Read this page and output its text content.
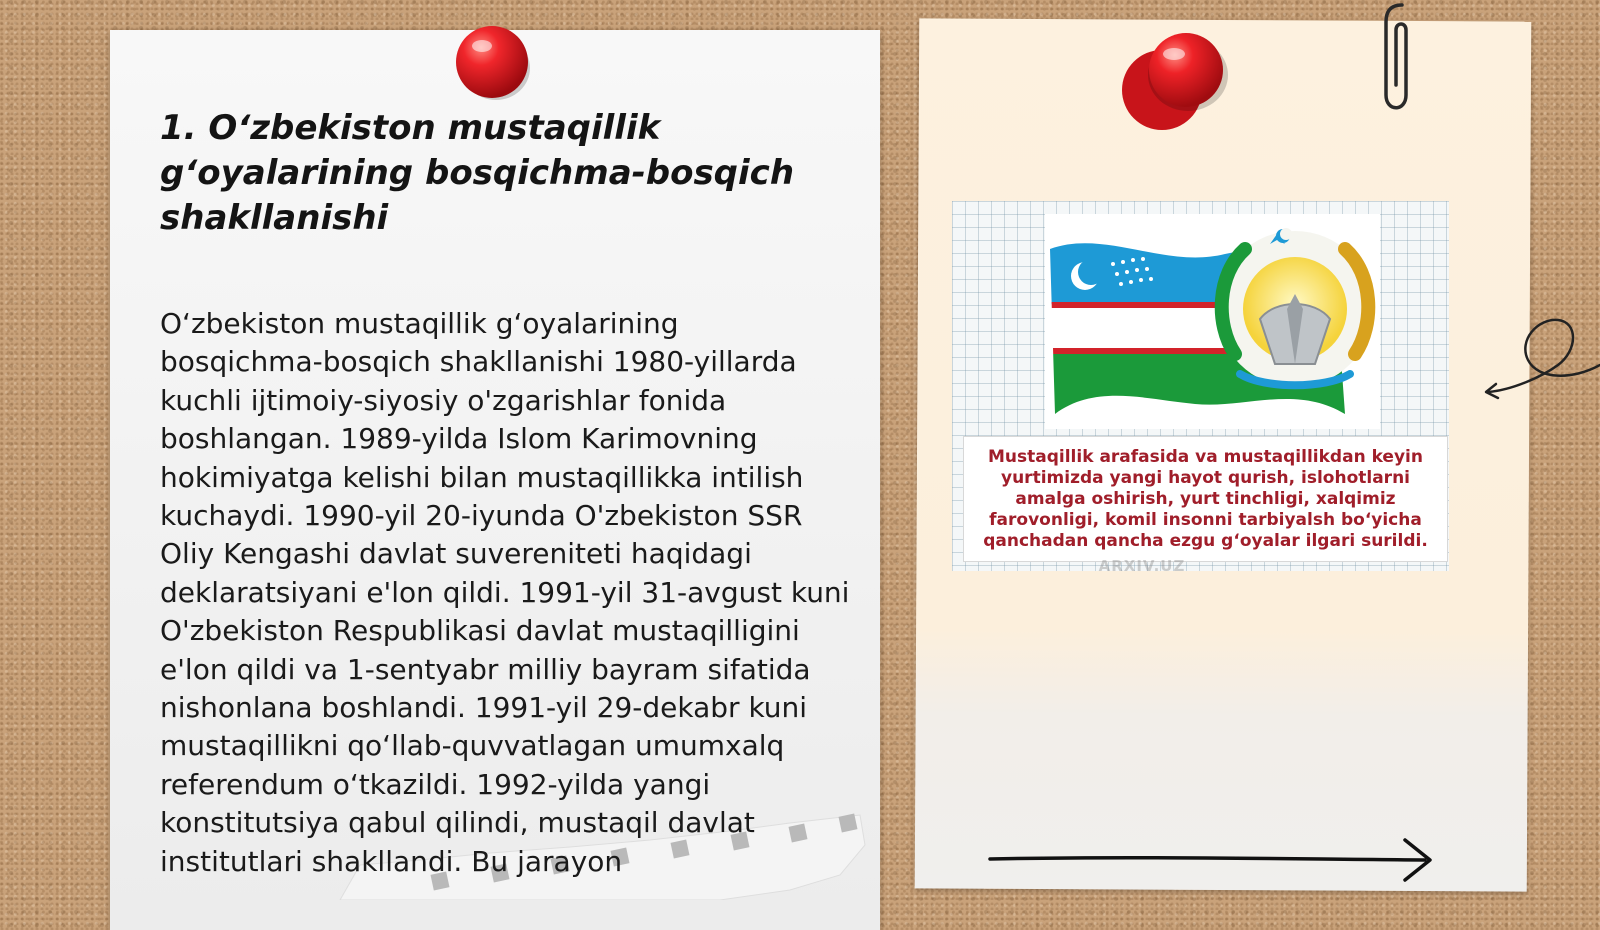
1. O‘zbekiston mustaqillik g‘oyalarining bosqichma-bosqich shakllanishi

O‘zbekiston mustaqillik g‘oyalarining bosqichma-bosqich shakllanishi 1980-yillarda kuchli ijtimoiy-siyosiy o'zgarishlar fonida boshlangan. 1989-yilda Islom Karimovning hokimiyatga kelishi bilan mustaqillikka intilish kuchaydi. 1990-yil 20-iyunda O'zbekiston SSR Oliy Kengashi davlat suvereniteti haqidagi deklaratsiyani e'lon qildi. 1991-yil 31-avgust kuni O'zbekiston Respublikasi davlat mustaqilligini e'lon qildi va 1-sentyabr milliy bayram sifatida nishonlana boshlandi. 1991-yil 29-dekabr kuni mustaqillikni qo‘llab-quvvatlagan umumxalq referendum o‘tkazildi. 1992-yilda yangi konstitutsiya qabul qilindi, mustaqil davlat institutlari shakllandi. Bu jarayon

Mustaqillik arafasida va mustaqillikdan keyin yurtimizda yangi hayot qurish, islohotlarni amalga oshirish, yurt tinchligi, xalqimiz farovonligi, komil insonni tarbiyalsh bo‘yicha qanchadan qancha ezgu g‘oyalar ilgari surildi.

ARXIV.UZ
